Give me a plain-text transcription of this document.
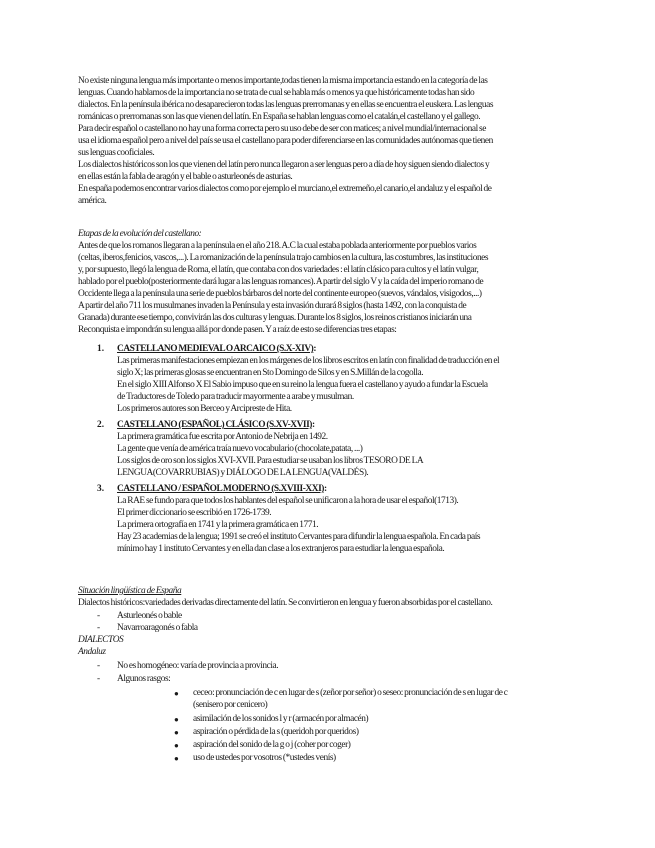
No existe ninguna lengua más importante o menos importante,todas tienen la misma importancia estando en la categoría de las
lenguas. Cuando hablamos de la importancia no se trata de cual se habla más o menos ya que históricamente todas han sido
dialectos. En la península ibérica no desaparecieron todas las lenguas prerromanas y en ellas se encuentra el euskera. Las lenguas
románicas o prerromanas son las que vienen del latín. En España se hablan lenguas como el catalán,el castellano y el gallego.
Para decir español o castellano no hay una forma correcta pero su uso debe de ser con matices; a nivel mundial/internacional se
usa el idioma español pero a nivel del país se usa el castellano para poder diferenciarse en las comunidades autónomas que tienen
sus lenguas cooficiales.
Los dialectos históricos son los que vienen del latín pero nunca llegaron a ser lenguas pero a día de hoy siguen siendo dialectos y
en ellas están la fabla de aragón y el bable o asturleonés de asturias.
En españa podemos encontrar varios dialectos como por ejemplo el murciano,el extremeño,el canario,el andaluz y el español de
américa.
Etapas de la evolución del castellano:
Antes de que los romanos llegaran a la península en el año 218. A.C la cual estaba poblada anteriormente por pueblos varios
(celtas, iberos,fenicios, vascos,...). La romanización de la península trajo cambios en la cultura, las costumbres, las instituciones
y, por supuesto, llegó la lengua de Roma, el latín, que contaba con dos variedades : el latín clásico para cultos y el latín vulgar,
hablado por el pueblo(posteriormente dará lugar a las lenguas romances). A partir del siglo V y la caída del imperio romano de
Occidente llega a la península una serie de pueblos bárbaros del norte del continente europeo (suevos, vándalos, visigodos,...)
A partir del año 711 los musulmanes invaden la Península y esta invasión durará 8 siglos (hasta 1492, con la conquista de
Granada) durante ese tiempo, convivirán las dos culturas y lenguas. Durante los 8 siglos, los reinos cristianos iniciarán una
Reconquista e impondrán su lengua allá por donde pasen. Y a raíz de esto se diferencias tres etapas:
1. CASTELLANO MEDIEVAL O ARCAICO (S.X-XIV):
Las primeras manifestaciones empiezan en los márgenes de los libros escritos en latín con finalidad de traducción en el
siglo X; las primeras glosas se encuentran en Sto Domingo de Silos y en S.Millán de la cogolla.
En el siglo XIII Alfonso X El Sabio impuso que en su reino la lengua fuera el castellano y ayudo a fundar la Escuela
de Traductores de Toledo para traducir mayormente a arabe y musulman.
Los primeros autores son Berceo y Arcipreste de Hita.
2. CASTELLANO (ESPAÑOL) CLÁSICO (S.XV-XVII):
La primera gramática fue escrita por Antonio de Nebrija en 1492.
La gente que venía de américa traía nuevo vocabulario (chocolate,patata, ...)
Los siglos de oro son los siglos XVI-XVII. Para estudiar se usaban los libros TESORO DE LA
LENGUA(COVARRUBIAS) y DIÁLOGO DE LA LENGUA(VALDÉS).
3. CASTELLANO / ESPAÑOL MODERNO (S.XVIII-XXI):
La RAE se fundo para que todos los hablantes del español se unificaron a la hora de usar el español(1713).
El primer diccionario se escribió en 1726-1739.
La primera ortografía en 1741 y la primera gramática en 1771.
Hay 23 academias de la lengua; 1991 se creó el instituto Cervantes para difundir la lengua española. En cada país
mínimo hay 1 instituto Cervantes y en ella dan clase a los extranjeros para estudiar la lengua española.
Situación lingüística de España
Dialectos históricos:variedades derivadas directamente del latín. Se convirtieron en lengua y fueron absorbidas por el castellano.
- Asturleonés o bable
- Navarroaragonés o fabla
DIALECTOS
Andaluz
- No es homogéneo: varía de provincia a provincia.
- Algunos rasgos:
● ceceo: pronunciación de c en lugar de s (zeñor por señor) o seseo: pronunciación de s en lugar de c
(senisero por cenicero)
● asimilación de los sonidos l y r (armacén por almacén)
● aspiración o pérdida de la s (queridoh por queridos)
● aspiración del sonido de la g o j (coher por coger)
● uso de ustedes por vosotros (*ustedes venís)
